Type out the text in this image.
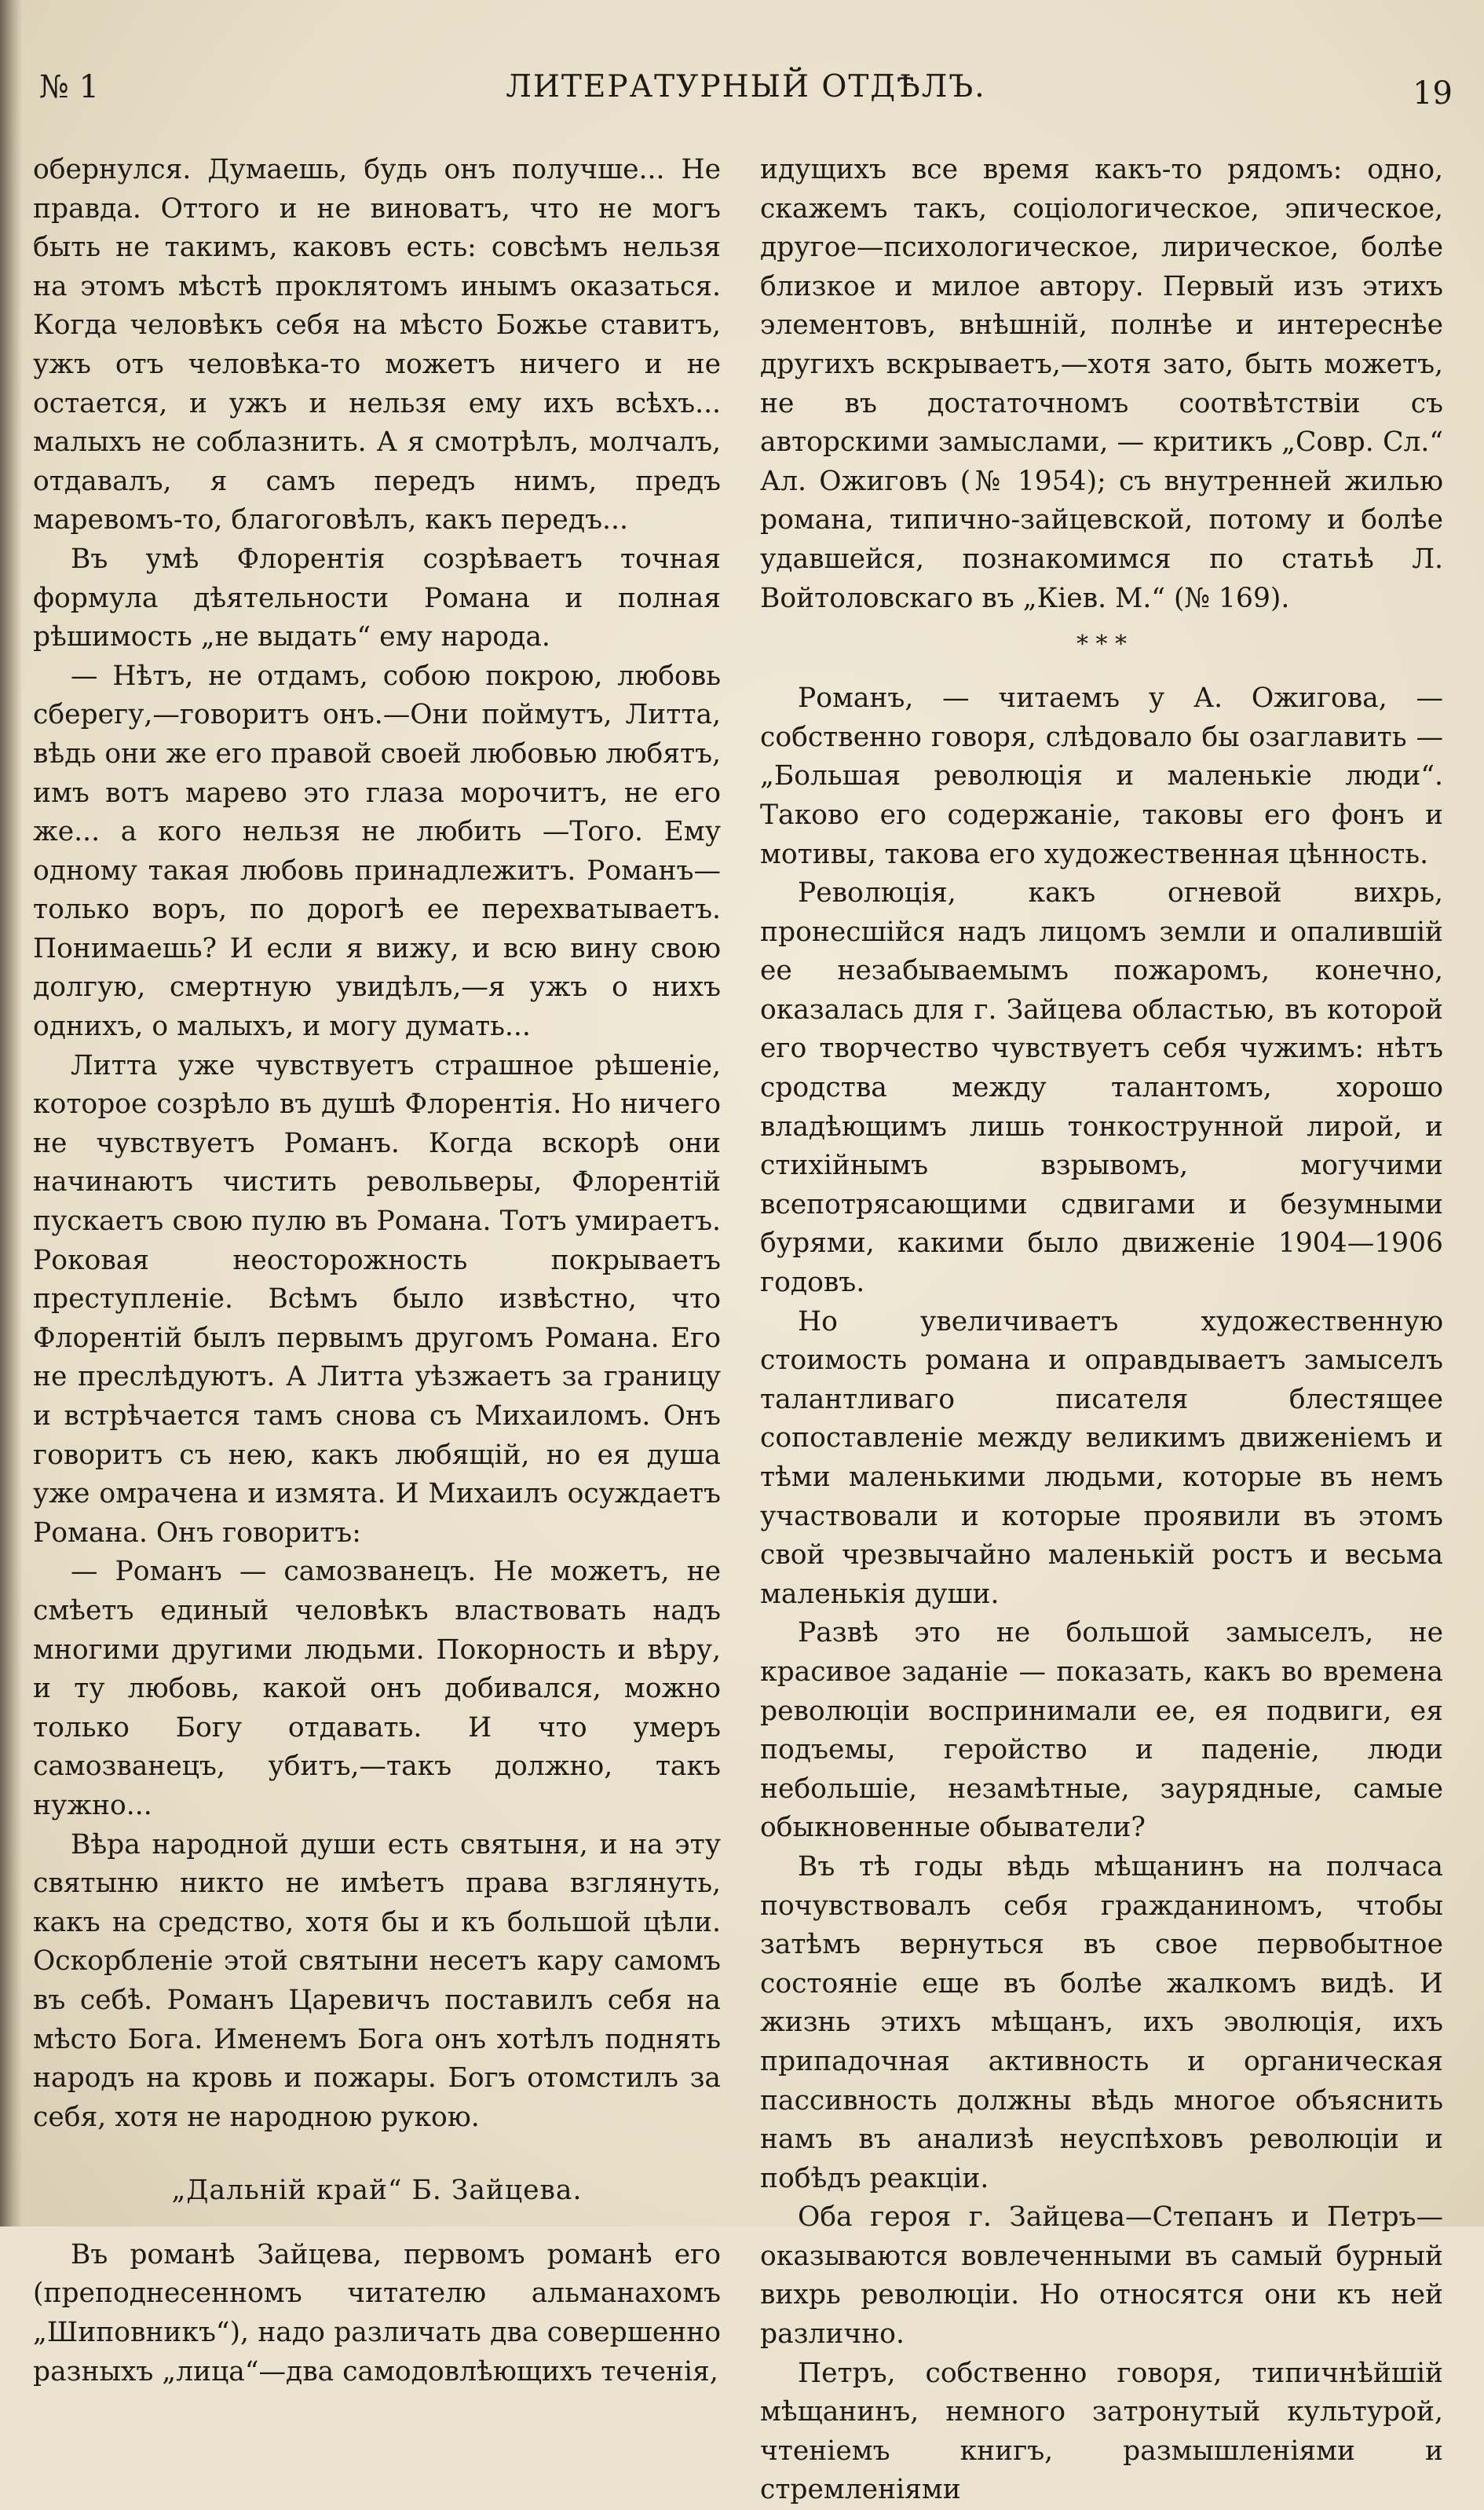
№ 1	ЛИТЕРАТУРНЫЙ ОТДѢЛЪ.	19

обернулся. Думаешь, будь онъ получше... Не правда. Оттого и не виноватъ, что не могъ быть не такимъ, каковъ есть: совсѣмъ нельзя на этомъ мѣстѣ проклятомъ инымъ оказаться. Когда человѣкъ себя на мѣсто Божье ставитъ, ужъ отъ человѣка-то можетъ ничего и не остается, и ужъ и нельзя ему ихъ всѣхъ... малыхъ не соблазнить. А я смотрѣлъ, молчалъ, отдавалъ, я самъ передъ нимъ, предъ маревомъ-то, благоговѣлъ, какъ передъ...

Въ умѣ Флорентія созрѣваетъ точная формула дѣятельности Романа и полная рѣшимость „не выдать“ ему народа.

— Нѣтъ, не отдамъ, собою покрою, любовь сберегу,—говоритъ онъ.—Они поймутъ, Литта, вѣдь они же его правой своей любовью любятъ, имъ вотъ марево это глаза морочитъ, не его же... а кого нельзя не любить —Того. Ему одному такая любовь принадлежитъ. Романъ—только воръ, по дорогѣ ее перехватываетъ. Понимаешь? И если я вижу, и всю вину свою долгую, смертную увидѣлъ,—я ужъ о нихъ однихъ, о малыхъ, и могу думать...

Литта уже чувствуетъ страшное рѣшеніе, которое созрѣло въ душѣ Флорентія. Но ничего не чувствуетъ Романъ. Когда вскорѣ они начинаютъ чистить револьверы, Флорентій пускаетъ свою пулю въ Романа. Тотъ умираетъ. Роковая неосторожность покрываетъ преступленіе. Всѣмъ было извѣстно, что Флорентій былъ первымъ другомъ Романа. Его не преслѣдуютъ. А Литта уѣзжаетъ за границу и встрѣчается тамъ снова съ Михаиломъ. Онъ говоритъ съ нею, какъ любящій, но ея душа уже омрачена и измята. И Михаилъ осуждаетъ Романа. Онъ говоритъ:

— Романъ — самозванецъ. Не можетъ, не смѣетъ единый человѣкъ властвовать надъ многими другими людьми. Покорность и вѣру, и ту любовь, какой онъ добивался, можно только Богу отдавать. И что умеръ самозванецъ, убитъ,—такъ должно, такъ нужно...

Вѣра народной души есть святыня, и на эту святыню никто не имѣетъ права взглянуть, какъ на средство, хотя бы и къ большой цѣли. Оскорбленіе этой святыни несетъ кару самомъ въ себѣ. Романъ Царевичъ поставилъ себя на мѣсто Бога. Именемъ Бога онъ хотѣлъ поднять народъ на кровь и пожары. Богъ отомстилъ за себя, хотя не народною рукою.

„Дальній край“ Б. Зайцева.

Въ романѣ Зайцева, первомъ романѣ его (преподнесенномъ читателю альманахомъ „Шиповникъ“), надо различать два совершенно разныхъ „лица“—два самодовлѣющихъ теченія,

идущихъ все время какъ-то рядомъ: одно, скажемъ такъ, соціологическое, эпическое, другое—психологическое, лирическое, болѣе близкое и милое автору. Первый изъ этихъ элементовъ, внѣшній, полнѣе и интереснѣе другихъ вскрываетъ,—хотя зато, быть можетъ, не въ достаточномъ соотвѣтствіи съ авторскими замыслами, — критикъ „Совр. Сл.“ Ал. Ожиговъ (№ 1954); съ внутренней жилью романа, типично-зайцевской, потому и болѣе удавшейся, познакомимся по статьѣ Л. Войтоловскаго въ „Кіев. М.“ (№ 169).

* * *

Романъ, — читаемъ у А. Ожигова, — собственно говоря, слѣдовало бы озаглавить — „Большая революція и маленькіе люди“. Таково его содержаніе, таковы его фонъ и мотивы, такова его художественная цѣнность.

Революція, какъ огневой вихрь, пронесшійся надъ лицомъ земли и опалившій ее незабываемымъ пожаромъ, конечно, оказалась для г. Зайцева областью, въ которой его творчество чувствуетъ себя чужимъ: нѣтъ сродства между талантомъ, хорошо владѣющимъ лишь тонкострунной лирой, и стихійнымъ взрывомъ, могучими всепотрясающими сдвигами и безумными бурями, какими было движеніе 1904—1906 годовъ.

Но увеличиваетъ художественную стоимость романа и оправдываетъ замыселъ талантливаго писателя блестящее сопоставленіе между великимъ движеніемъ и тѣми маленькими людьми, которые въ немъ участвовали и которые проявили въ этомъ свой чрезвычайно маленькій ростъ и весьма маленькія души.

Развѣ это не большой замыселъ, не красивое заданіе — показать, какъ во времена революціи воспринимали ее, ея подвиги, ея подъемы, геройство и паденіе, люди небольшіе, незамѣтные, заурядные, самые обыкновенные обыватели?

Въ тѣ годы вѣдь мѣщанинъ на полчаса почувствовалъ себя гражданиномъ, чтобы затѣмъ вернуться въ свое первобытное состояніе еще въ болѣе жалкомъ видѣ. И жизнь этихъ мѣщанъ, ихъ эволюція, ихъ припадочная активность и органическая пассивность должны вѣдь многое объяснить намъ въ анализѣ неуспѣховъ революціи и побѣдъ реакціи.

Оба героя г. Зайцева—Степанъ и Петръ—оказываются вовлеченными въ самый бурный вихрь революціи. Но относятся они къ ней различно.

Петръ, собственно говоря, типичнѣйшій мѣщанинъ, немного затронутый культурой, чтеніемъ книгъ, размышленіями и стремленіями
